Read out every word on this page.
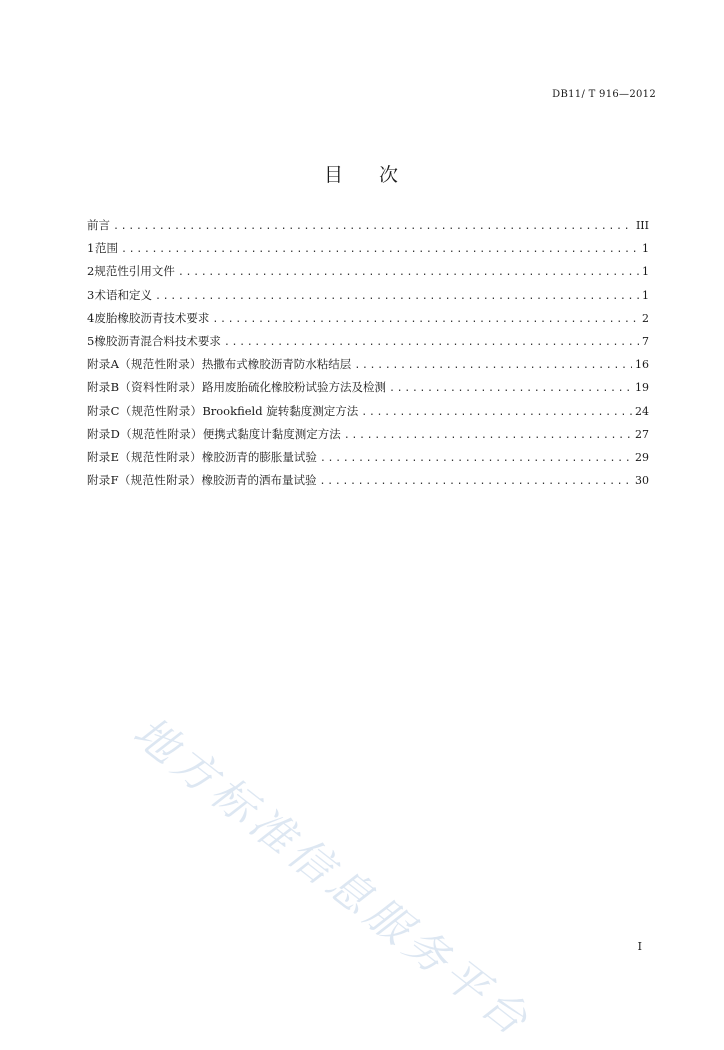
DB11/ T 916—2012
目 次
前言 .....	III
1 范围 .....	1
2 规范性引用文件 .....	1
3 术语和定义 .....	1
4 废胎橡胶沥青技术要求 .....	2
5 橡胶沥青混合料技术要求 .....	7
附录A（规范性附录） 热撒布式橡胶沥青防水粘结层 .....	16
附录B（资料性附录） 路用废胎硫化橡胶粉试验方法及检测 .....	19
附录C（规范性附录） Brookfield 旋转黏度测定方法 .....	24
附录D（规范性附录） 便携式黏度计黏度测定方法 .....	27
附录E（规范性附录） 橡胶沥青的膨胀量试验 .....	29
附录F（规范性附录） 橡胶沥青的洒布量试验 .....	30
地方标准信息服务平台	I
